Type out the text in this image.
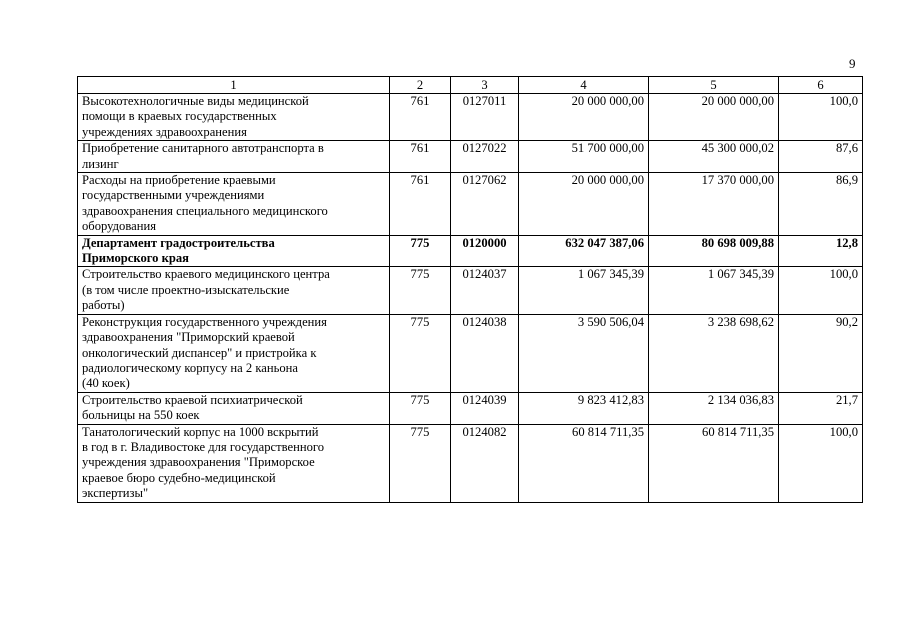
9
1	2	3	4	5	6

Высокотехнологичные виды медицинской
помощи в краевых государственных
учреждениях здравоохранения	761	0127011	20 000 000,00	20 000 000,00	100,0

Приобретение санитарного автотранспорта в
лизинг	761	0127022	51 700 000,00	45 300 000,02	87,6

Расходы на приобретение краевыми
государственными учреждениями
здравоохранения специального медицинского
оборудования	761	0127062	20 000 000,00	17 370 000,00	86,9

Департамент градостроительства
Приморского края	775	0120000	632 047 387,06	80 698 009,88	12,8

Строительство краевого медицинского центра
(в том числе проектно-изыскательские
работы)	775	0124037	1 067 345,39	1 067 345,39	100,0

Реконструкция государственного учреждения
здравоохранения "Приморский краевой
онкологический диспансер" и пристройка к
радиологическому корпусу на 2 каньона
(40 коек)	775	0124038	3 590 506,04	3 238 698,62	90,2

Строительство краевой психиатрической
больницы на 550 коек	775	0124039	9 823 412,83	2 134 036,83	21,7

Танатологический корпус на 1000 вскрытий
в год в г. Владивостоке для государственного
учреждения здравоохранения "Приморское
краевое бюро судебно-медицинской
экспертизы"	775	0124082	60 814 711,35	60 814 711,35	100,0
